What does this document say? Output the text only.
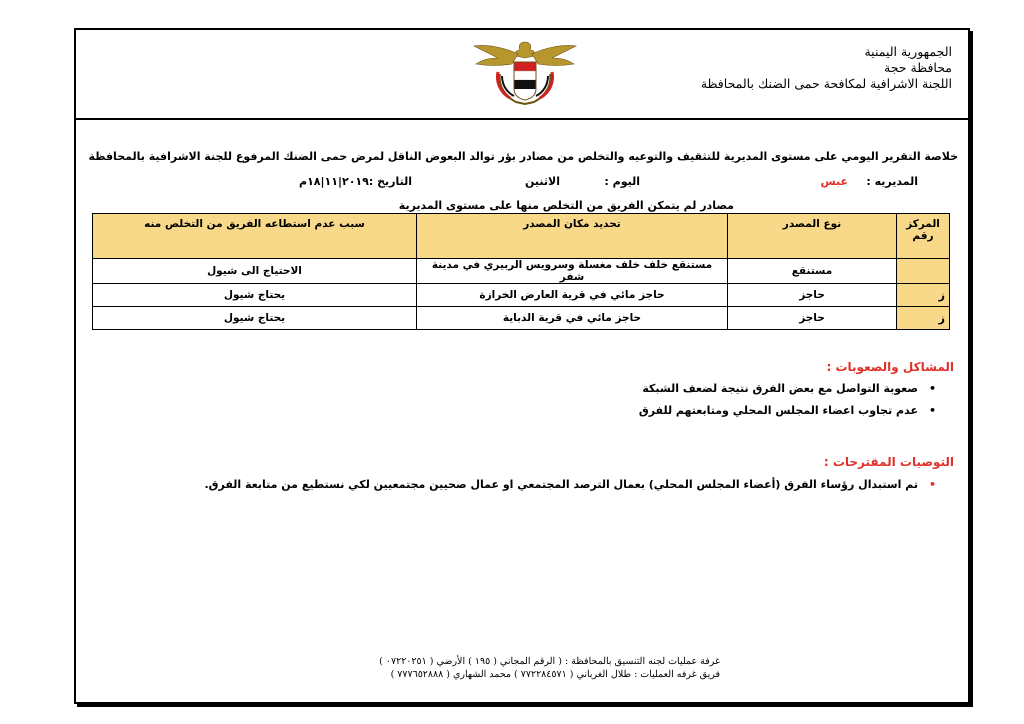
الجمهورية اليمنية
محافظة حجة
اللجنة الاشرافية لمكافحة حمى الضنك بالمحافظة
خلاصة التقرير اليومي على مستوى المديرية للتثقيف والتوعيه والتخلص من مصادر بؤر توالد البعوض الناقل لمرض حمى الضنك المرفوع للجنة الاشرافية بالمحافظة
المديريه :
عبس
اليوم :
الاثنين
التاريخ :٢٠١٩|١١|١٨م
مصادر لم يتمكن الفريق من التخلص منها على مستوى المديرية
المركز رقم	نوع المصدر	تحديد مكان المصدر	سبب عدم استطاعه الفريق من التخلص منه

	مستنقع	مستنقع خلف خلف مغسلة وسرويس الربيري في مدينة شفر	الاحتياج الى شيول

ز	حاجز	حاجز مائي في قرية العارض الخرازة	يحتاج شيول

ز	حاجز	حاجز مائي في قرية الدباية	يحتاج شيول
المشاكل والصعوبات :
•
صعوبة التواصل مع بعض الفرق نتيجة لضعف الشبكة
•
عدم تجاوب اعضاء المجلس المحلي ومتابعتهم للفرق
التوصيات المقترحات :
•
تم استبدال رؤساء الفرق (أعضاء المجلس المحلي) بعمال الترصد المجتمعي او عمال صحيين مجتمعيين لكي نستطيع من متابعة الفرق.
غرفة عمليات لجنه التنسيق بالمحافظة : ( الرقم المجاني ( ١٩٥ ) الأرضي ( ٠٧٢٢٠٢٥١ )
فريق غرفه العمليات : طلال الغرباني ( ٧٧٢٢٨٤٥٧١ ) محمد الشهاري ( ٧٧٧٦٥٢٨٨٨ )
